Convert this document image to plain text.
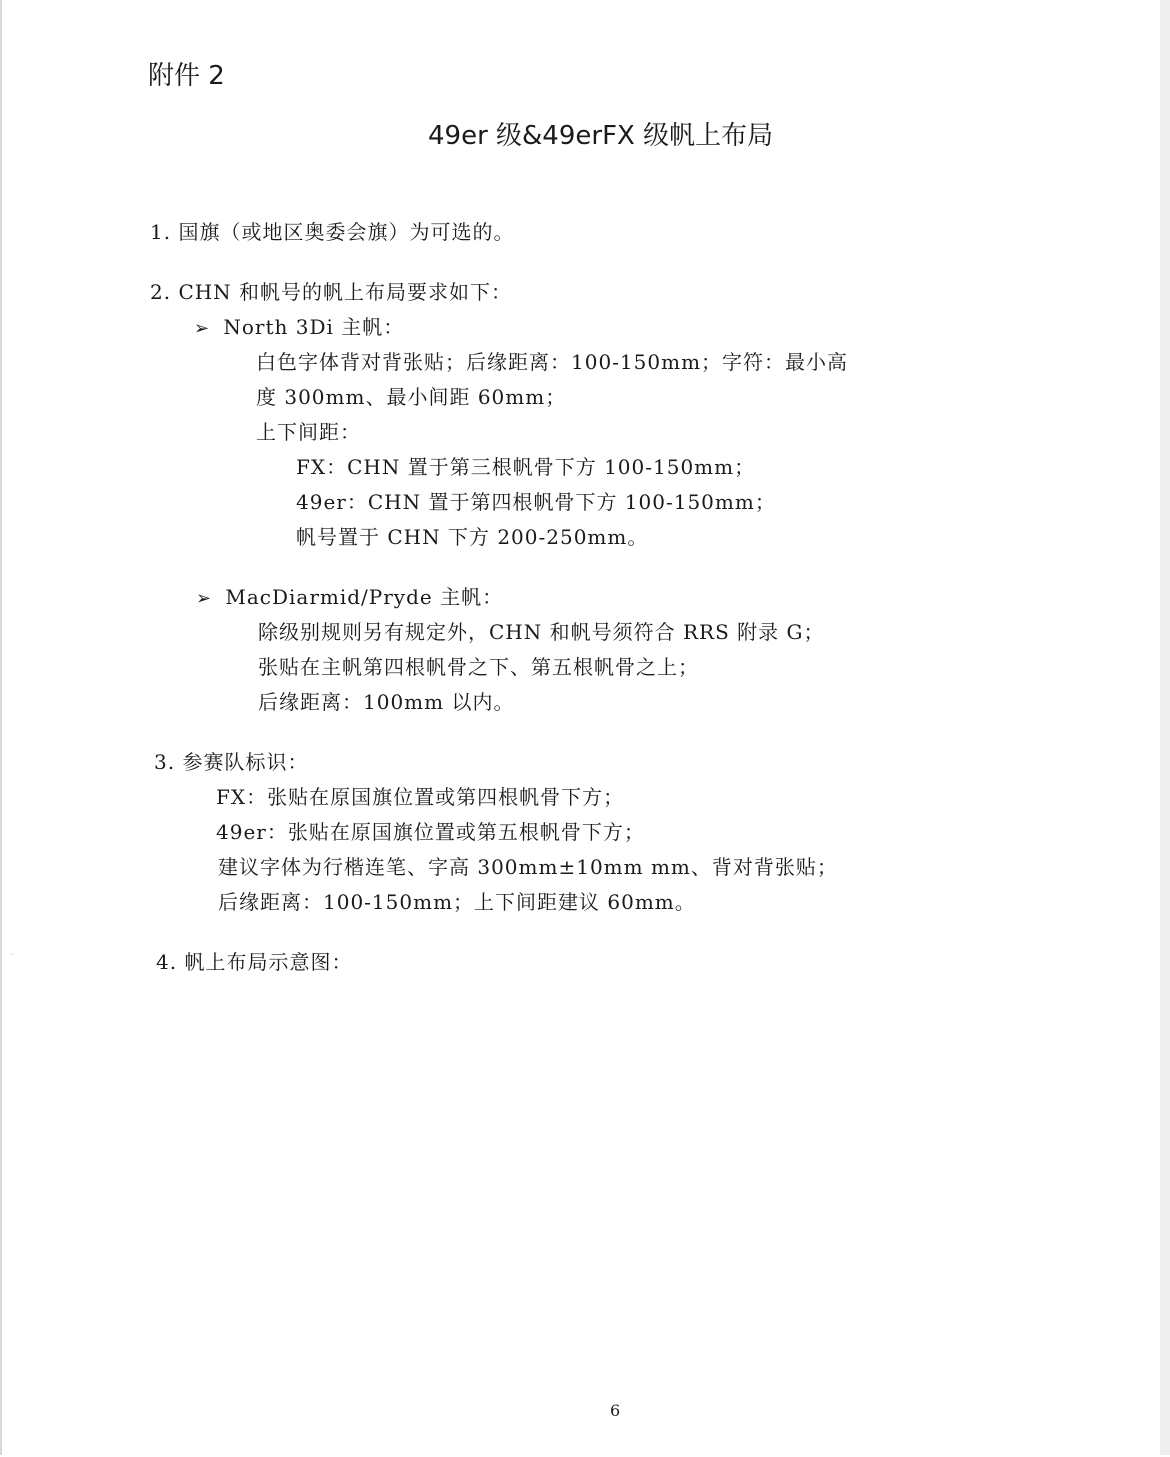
附件 2
49er 级&49erFX 级帆上布局
1. 国旗（或地区奥委会旗）为可选的。
2. CHN 和帆号的帆上布局要求如下：
➢ North 3Di 主帆：
白色字体背对背张贴；后缘距离：100-150mm；字符：最小高
度 300mm、最小间距 60mm；
上下间距：
FX：CHN 置于第三根帆骨下方 100-150mm；
49er：CHN 置于第四根帆骨下方 100-150mm；
帆号置于 CHN 下方 200-250mm。
➢ MacDiarmid/Pryde 主帆：
除级别规则另有规定外，CHN 和帆号须符合 RRS 附录 G；
张贴在主帆第四根帆骨之下、第五根帆骨之上；
后缘距离：100mm 以内。
3. 参赛队标识：
FX：张贴在原国旗位置或第四根帆骨下方；
49er：张贴在原国旗位置或第五根帆骨下方；
建议字体为行楷连笔、字高 300mm±10mm mm、背对背张贴；
后缘距离：100-150mm；上下间距建议 60mm。
4. 帆上布局示意图：
··
6
